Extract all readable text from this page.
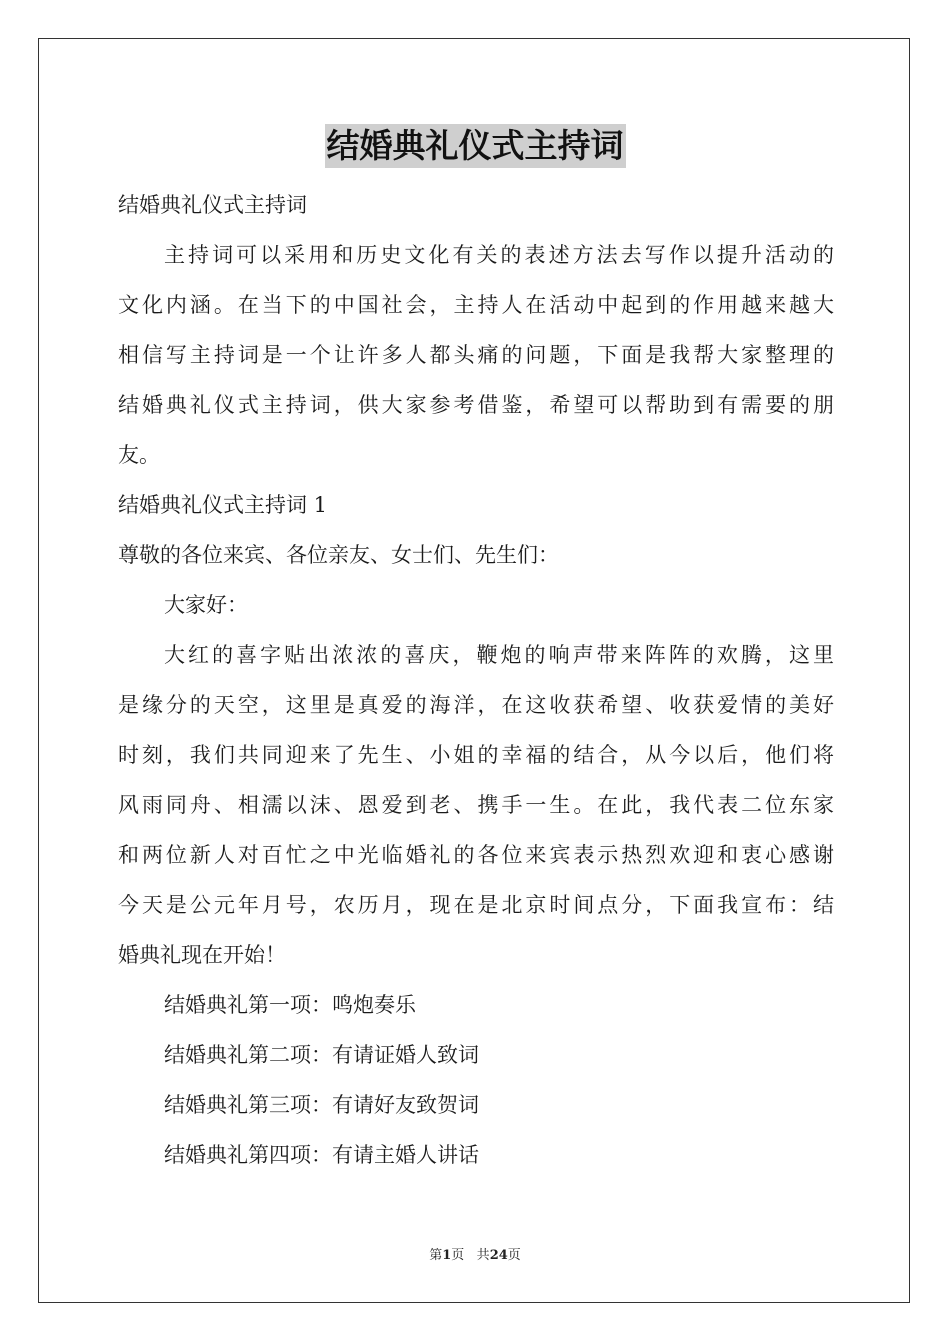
结婚典礼仪式主持词
结婚典礼仪式主持词
主持词可以采用和历史文化有关的表述方法去写作以提升活动的
文化内涵。在当下的中国社会，主持人在活动中起到的作用越来越大
相信写主持词是一个让许多人都头痛的问题，下面是我帮大家整理的
结婚典礼仪式主持词，供大家参考借鉴，希望可以帮助到有需要的朋
友。
结婚典礼仪式主持词 1
尊敬的各位来宾、各位亲友、女士们、先生们：
大家好：
大红的喜字贴出浓浓的喜庆，鞭炮的响声带来阵阵的欢腾，这里
是缘分的天空，这里是真爱的海洋，在这收获希望、收获爱情的美好
时刻，我们共同迎来了先生、小姐的幸福的结合，从今以后，他们将
风雨同舟、相濡以沫、恩爱到老、携手一生。在此，我代表二位东家
和两位新人对百忙之中光临婚礼的各位来宾表示热烈欢迎和衷心感谢
今天是公元年月号，农历月，现在是北京时间点分，下面我宣布：结
婚典礼现在开始！
结婚典礼第一项：鸣炮奏乐
结婚典礼第二项：有请证婚人致词
结婚典礼第三项：有请好友致贺词
结婚典礼第四项：有请主婚人讲话
第1页 共24页
